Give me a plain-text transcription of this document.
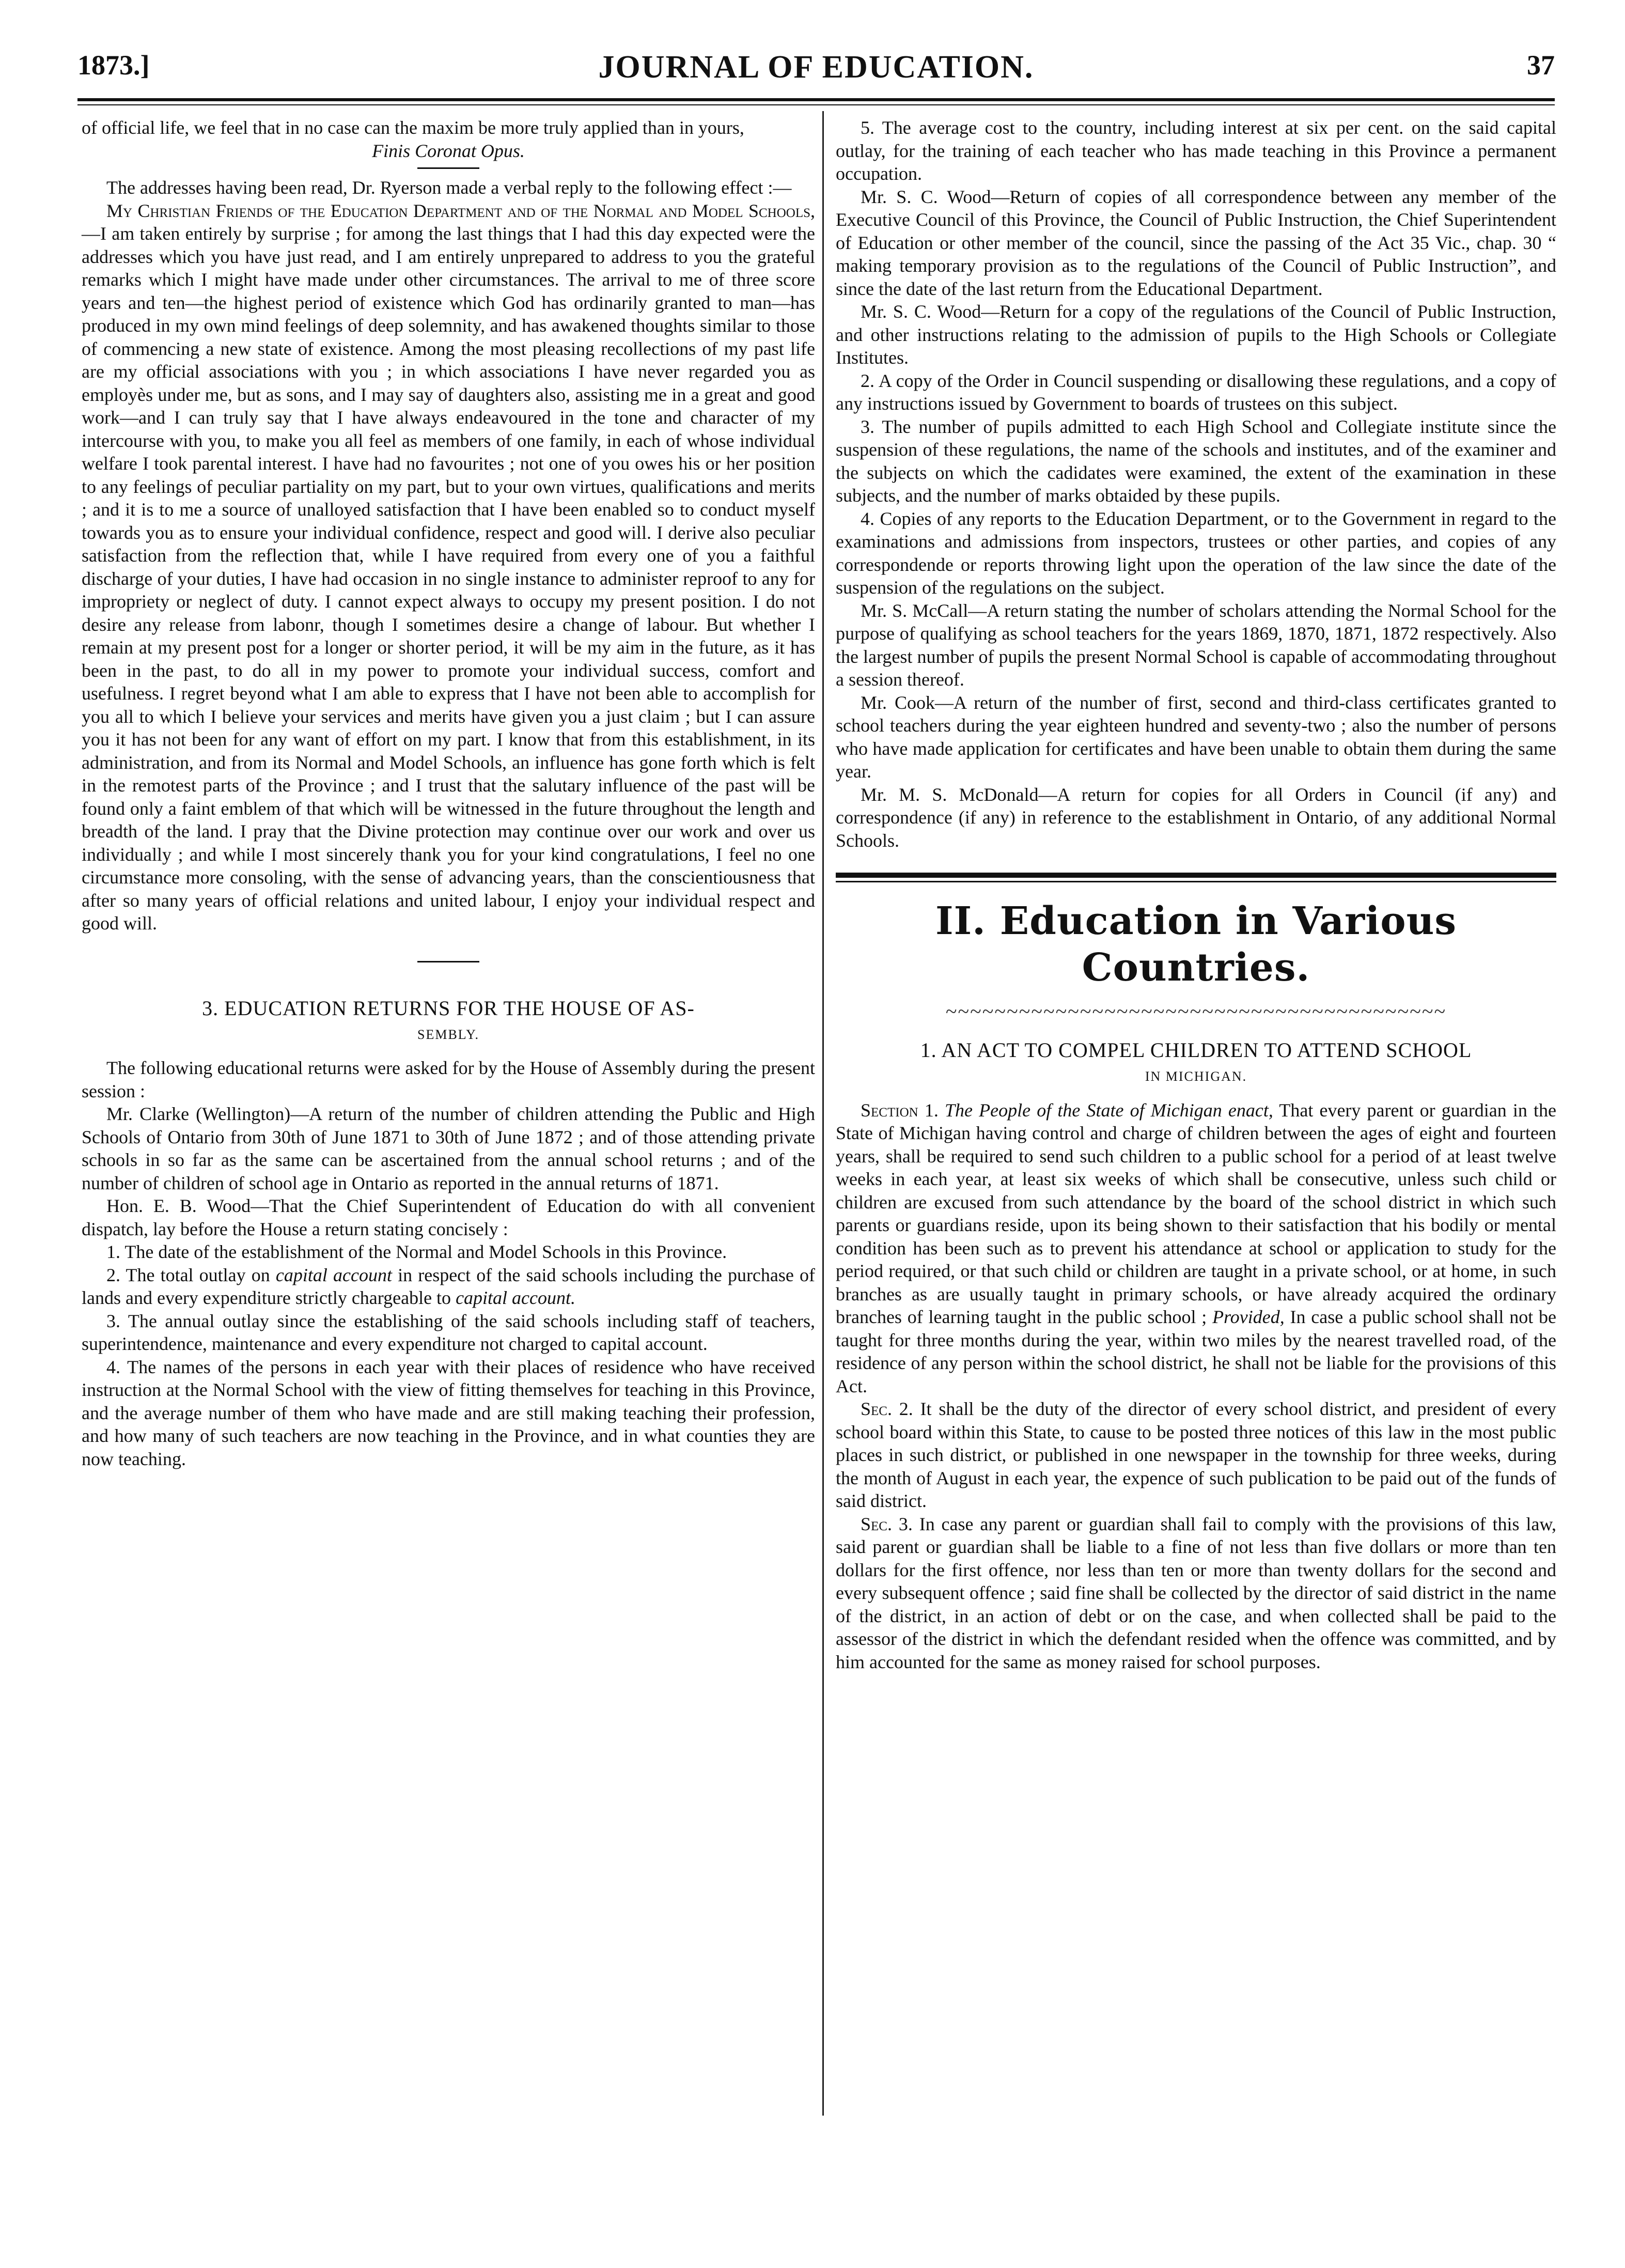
1873.]	JOURNAL OF EDUCATION.	37

of official life, we feel that in no case can the maxim be more truly applied than in yours,

Finis Coronat Opus.

The addresses having been read, Dr. Ryerson made a verbal reply to the following effect :—

My Christian Friends of the Education Department and of the Normal and Model Schools,—I am taken entirely by surprise ; for among the last things that I had this day expected were the addresses which you have just read, and I am entirely unprepared to address to you the grateful remarks which I might have made under other circumstances. The arrival to me of three score years and ten—the highest period of existence which God has ordinarily granted to man—has produced in my own mind feelings of deep solemnity, and has awakened thoughts similar to those of commencing a new state of existence. Among the most pleasing recollections of my past life are my official associations with you ; in which associations I have never regarded you as employès under me, but as sons, and I may say of daughters also, assisting me in a great and good work—and I can truly say that I have always endeavoured in the tone and character of my intercourse with you, to make you all feel as members of one family, in each of whose individual welfare I took parental interest. I have had no favourites ; not one of you owes his or her position to any feelings of peculiar partiality on my part, but to your own virtues, qualifications and merits ; and it is to me a source of unalloyed satisfaction that I have been enabled so to conduct myself towards you as to ensure your individual confidence, respect and good will. I derive also peculiar satisfaction from the reflection that, while I have required from every one of you a faithful discharge of your duties, I have had occasion in no single instance to administer reproof to any for impropriety or neglect of duty. I cannot expect always to occupy my present position. I do not desire any release from labonr, though I sometimes desire a change of labour. But whether I remain at my present post for a longer or shorter period, it will be my aim in the future, as it has been in the past, to do all in my power to promote your individual success, comfort and usefulness. I regret beyond what I am able to express that I have not been able to accomplish for you all to which I believe your services and merits have given you a just claim ; but I can assure you it has not been for any want of effort on my part. I know that from this establishment, in its administration, and from its Normal and Model Schools, an influence has gone forth which is felt in the remotest parts of the Province ; and I trust that the salutary influence of the past will be found only a faint emblem of that which will be witnessed in the future throughout the length and breadth of the land. I pray that the Divine protection may continue over our work and over us individually ; and while I most sincerely thank you for your kind congratulations, I feel no one circumstance more consoling, with the sense of advancing years, than the conscientiousness that after so many years of official relations and united labour, I enjoy your individual respect and good will.

3. EDUCATION RETURNS FOR THE HOUSE OF AS-
SEMBLY.

The following educational returns were asked for by the House of Assembly during the present session :

Mr. Clarke (Wellington)—A return of the number of children attending the Public and High Schools of Ontario from 30th of June 1871 to 30th of June 1872 ; and of those attending private schools in so far as the same can be ascertained from the annual school returns ; and of the number of children of school age in Ontario as reported in the annual returns of 1871.

Hon. E. B. Wood—That the Chief Superintendent of Education do with all convenient dispatch, lay before the House a return stating concisely :

1. The date of the establishment of the Normal and Model Schools in this Province.

2. The total outlay on capital account in respect of the said schools including the purchase of lands and every expenditure strictly chargeable to capital account.

3. The annual outlay since the establishing of the said schools including staff of teachers, superintendence, maintenance and every expenditure not charged to capital account.

4. The names of the persons in each year with their places of residence who have received instruction at the Normal School with the view of fitting themselves for teaching in this Province, and the average number of them who have made and are still making teaching their profession, and how many of such teachers are now teaching in the Province, and in what counties they are now teaching.

5. The average cost to the country, including interest at six per cent. on the said capital outlay, for the training of each teacher who has made teaching in this Province a permanent occupation.

Mr. S. C. Wood—Return of copies of all correspondence between any member of the Executive Council of this Province, the Council of Public Instruction, the Chief Superintendent of Education or other member of the council, since the passing of the Act 35 Vic., chap. 30 “ making temporary provision as to the regulations of the Council of Public Instruction”, and since the date of the last return from the Educational Department.

Mr. S. C. Wood—Return for a copy of the regulations of the Council of Public Instruction, and other instructions relating to the admission of pupils to the High Schools or Collegiate Institutes.

2. A copy of the Order in Council suspending or disallowing these regulations, and a copy of any instructions issued by Government to boards of trustees on this subject.

3. The number of pupils admitted to each High School and Collegiate institute since the suspension of these regulations, the name of the schools and institutes, and of the examiner and the subjects on which the cadidates were examined, the extent of the examination in these subjects, and the number of marks obtaided by these pupils.

4. Copies of any reports to the Education Department, or to the Government in regard to the examinations and admissions from inspectors, trustees or other parties, and copies of any correspondende or reports throwing light upon the operation of the law since the date of the suspension of the regulations on the subject.

Mr. S. McCall—A return stating the number of scholars attending the Normal School for the purpose of qualifying as school teachers for the years 1869, 1870, 1871, 1872 respectively. Also the largest number of pupils the present Normal School is capable of accommodating throughout a session thereof.

Mr. Cook—A return of the number of first, second and third-class certificates granted to school teachers during the year eighteen hundred and seventy-two ; also the number of persons who have made application for certificates and have been unable to obtain them during the same year.

Mr. M. S. McDonald—A return for copies for all Orders in Council (if any) and correspondence (if any) in reference to the establishment in Ontario, of any additional Normal Schools.

II. Education in Various Countries.
~~~~~~~~~~~~~~~~~~~~~~~~~~~~~~~~~~~~~~~~~
1. AN ACT TO COMPEL CHILDREN TO ATTEND SCHOOL
IN MICHIGAN.

Section 1. The People of the State of Michigan enact, That every parent or guardian in the State of Michigan having control and charge of children between the ages of eight and fourteen years, shall be required to send such children to a public school for a period of at least twelve weeks in each year, at least six weeks of which shall be consecutive, unless such child or children are excused from such attendance by the board of the school district in which such parents or guardians reside, upon its being shown to their satisfaction that his bodily or mental condition has been such as to prevent his attendance at school or application to study for the period required, or that such child or children are taught in a private school, or at home, in such branches as are usually taught in primary schools, or have already acquired the ordinary branches of learning taught in the public school ; Provided, In case a public school shall not be taught for three months during the year, within two miles by the nearest travelled road, of the residence of any person within the school district, he shall not be liable for the provisions of this Act.

Sec. 2. It shall be the duty of the director of every school district, and president of every school board within this State, to cause to be posted three notices of this law in the most public places in such district, or published in one newspaper in the township for three weeks, during the month of August in each year, the expence of such publication to be paid out of the funds of said district.

Sec. 3. In case any parent or guardian shall fail to comply with the provisions of this law, said parent or guardian shall be liable to a fine of not less than five dollars or more than ten dollars for the first offence, nor less than ten or more than twenty dollars for the second and every subsequent offence ; said fine shall be collected by the director of said district in the name of the district, in an action of debt or on the case, and when collected shall be paid to the assessor of the district in which the defendant resided when the offence was committed, and by him accounted for the same as money raised for school purposes.
